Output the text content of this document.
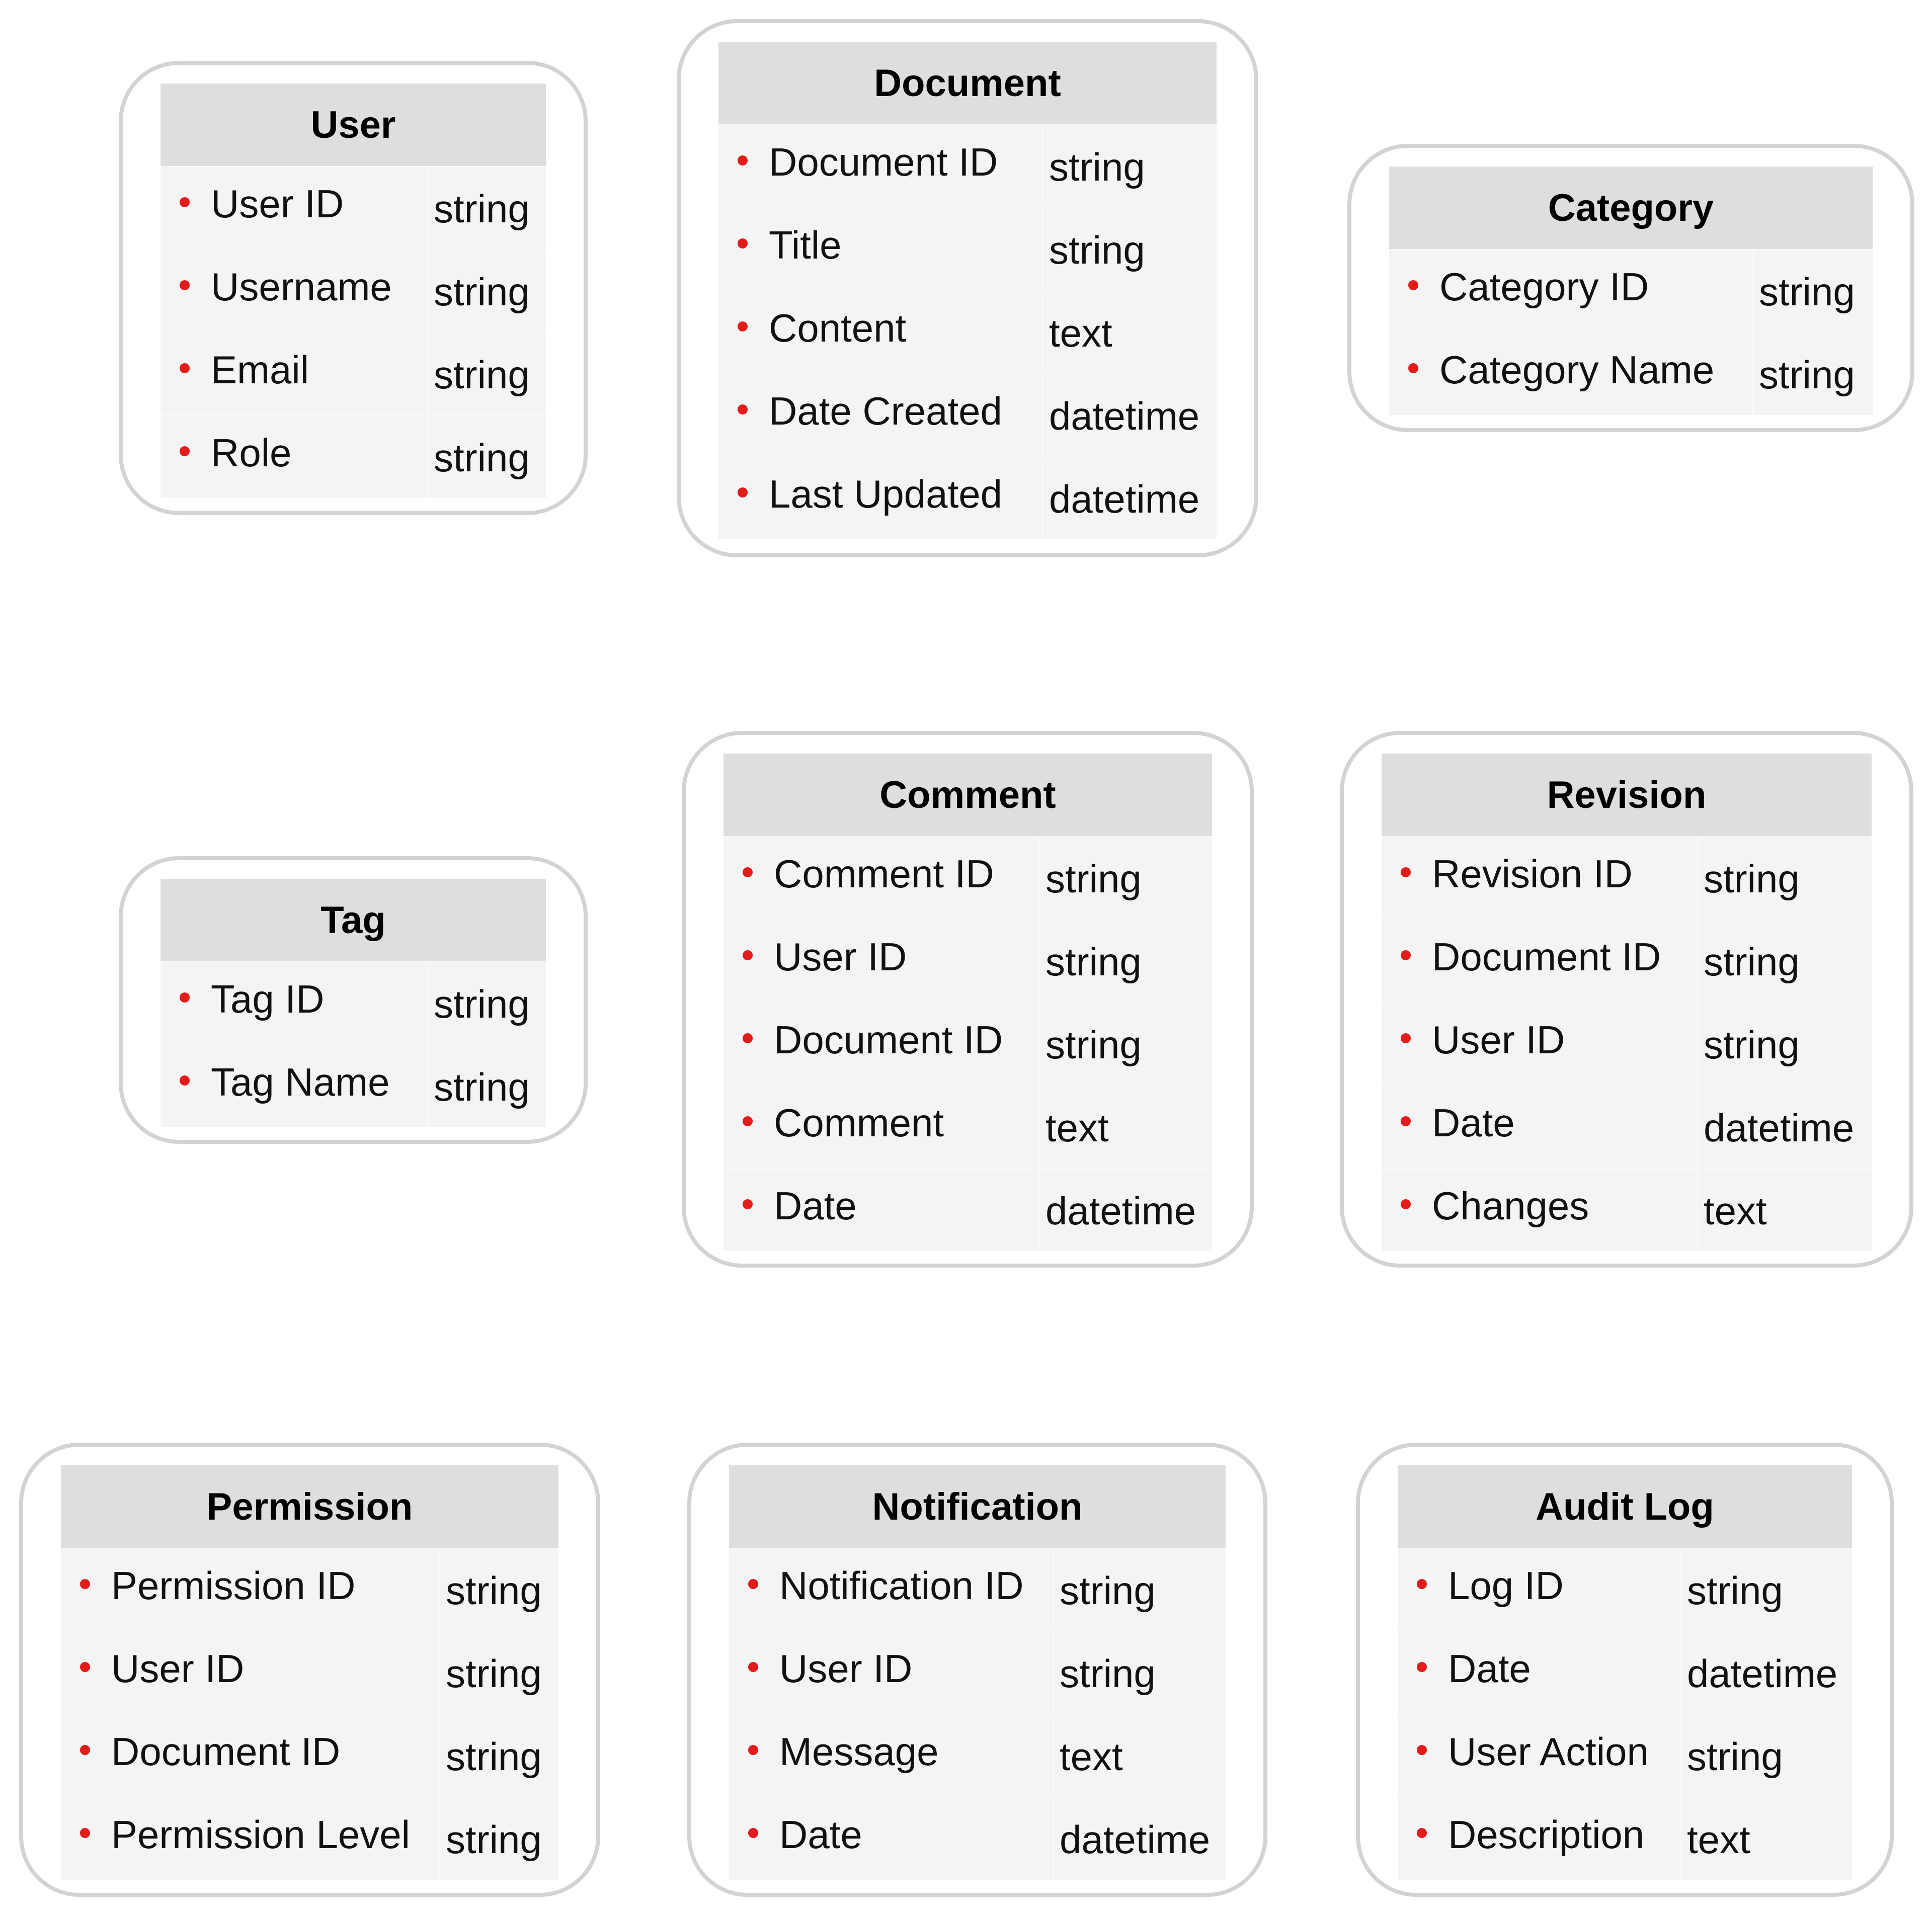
User
User ID string
Username string
Email	string
Role	string
Document
Document ID string
Title	string
Content	text
Date Created datetime
Last Updated datetime
Category
Category ID	string
Category Name string
Tag
Tag ID	string
Tag Name string
Comment
Comment ID string
User ID	string
Document ID string
Comment	text
Date	datetime
Revision
Revision ID string
Document ID string
User ID	string
Date	datetime
Changes	text
Permission
Permission ID string
User ID	string
Document ID	string
Permission Level string
Notification
Notification ID string
User ID	string
Message	text
Date	datetime
Audit Log
Log ID	string
Date	datetime
User Action string
Description text
